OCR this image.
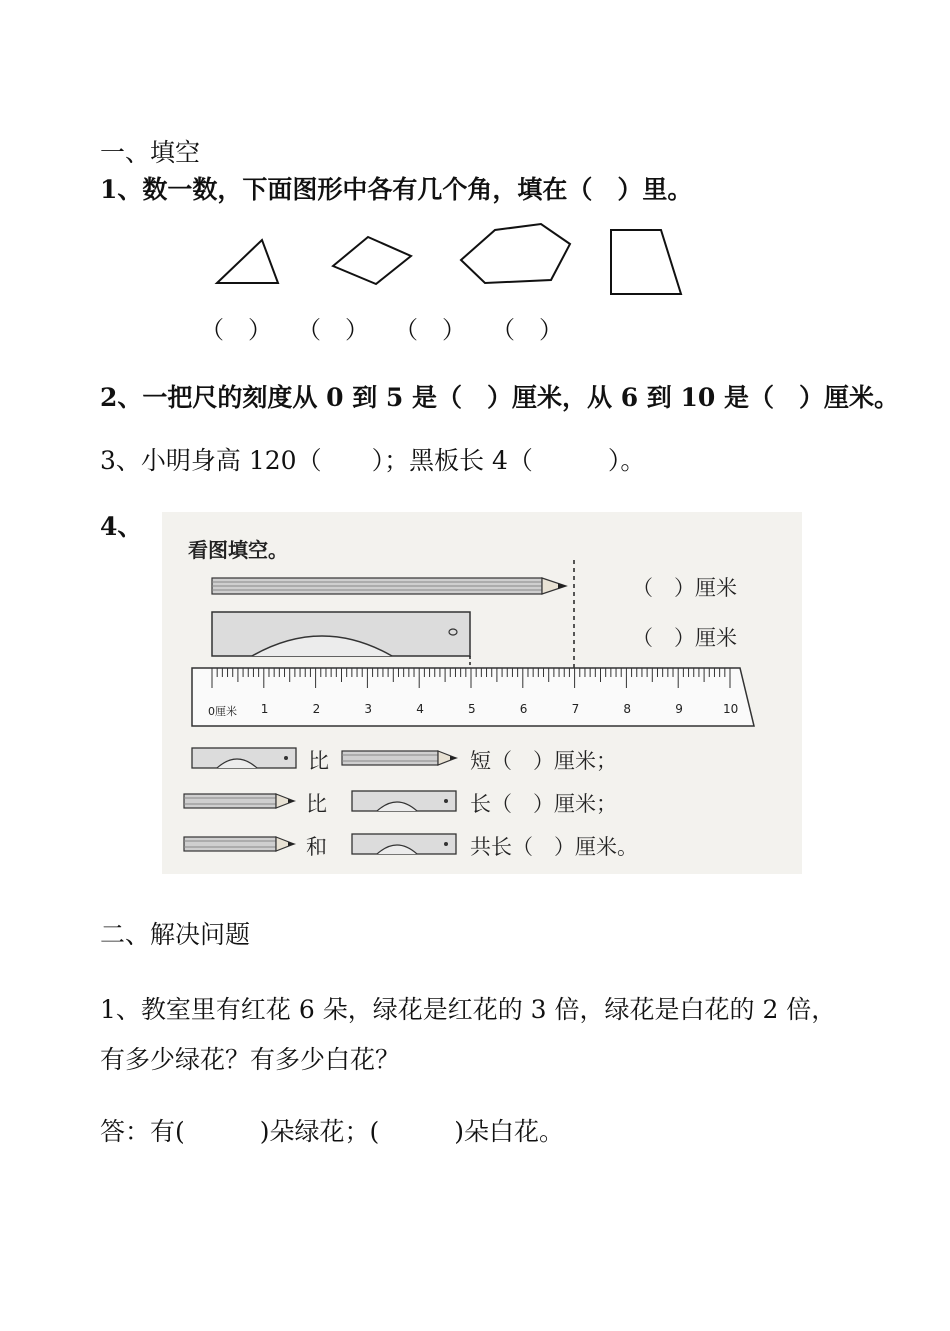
一、填空
1、数一数，下面图形中各有几个角，填在（　）里。
（　） （　） （　） （　）
2、一把尺的刻度从 0 到 5 是（　）厘米，从 6 到 10 是（　）厘米。
3、小明身高 120（　　）；黑板长 4（　　　）。
4、
看图填空。
（　）厘米
（　）厘米
0厘米 1	2	3	4	5	6	7	8	9	10
比	短（　）厘米；
比	长（　）厘米；
和	共长（　）厘米。
二、解决问题
1、教室里有红花 6 朵，绿花是红花的 3 倍，绿花是白花的 2 倍，
有多少绿花？有多少白花？
答：有(　　　)朵绿花；(　　　)朵白花。
